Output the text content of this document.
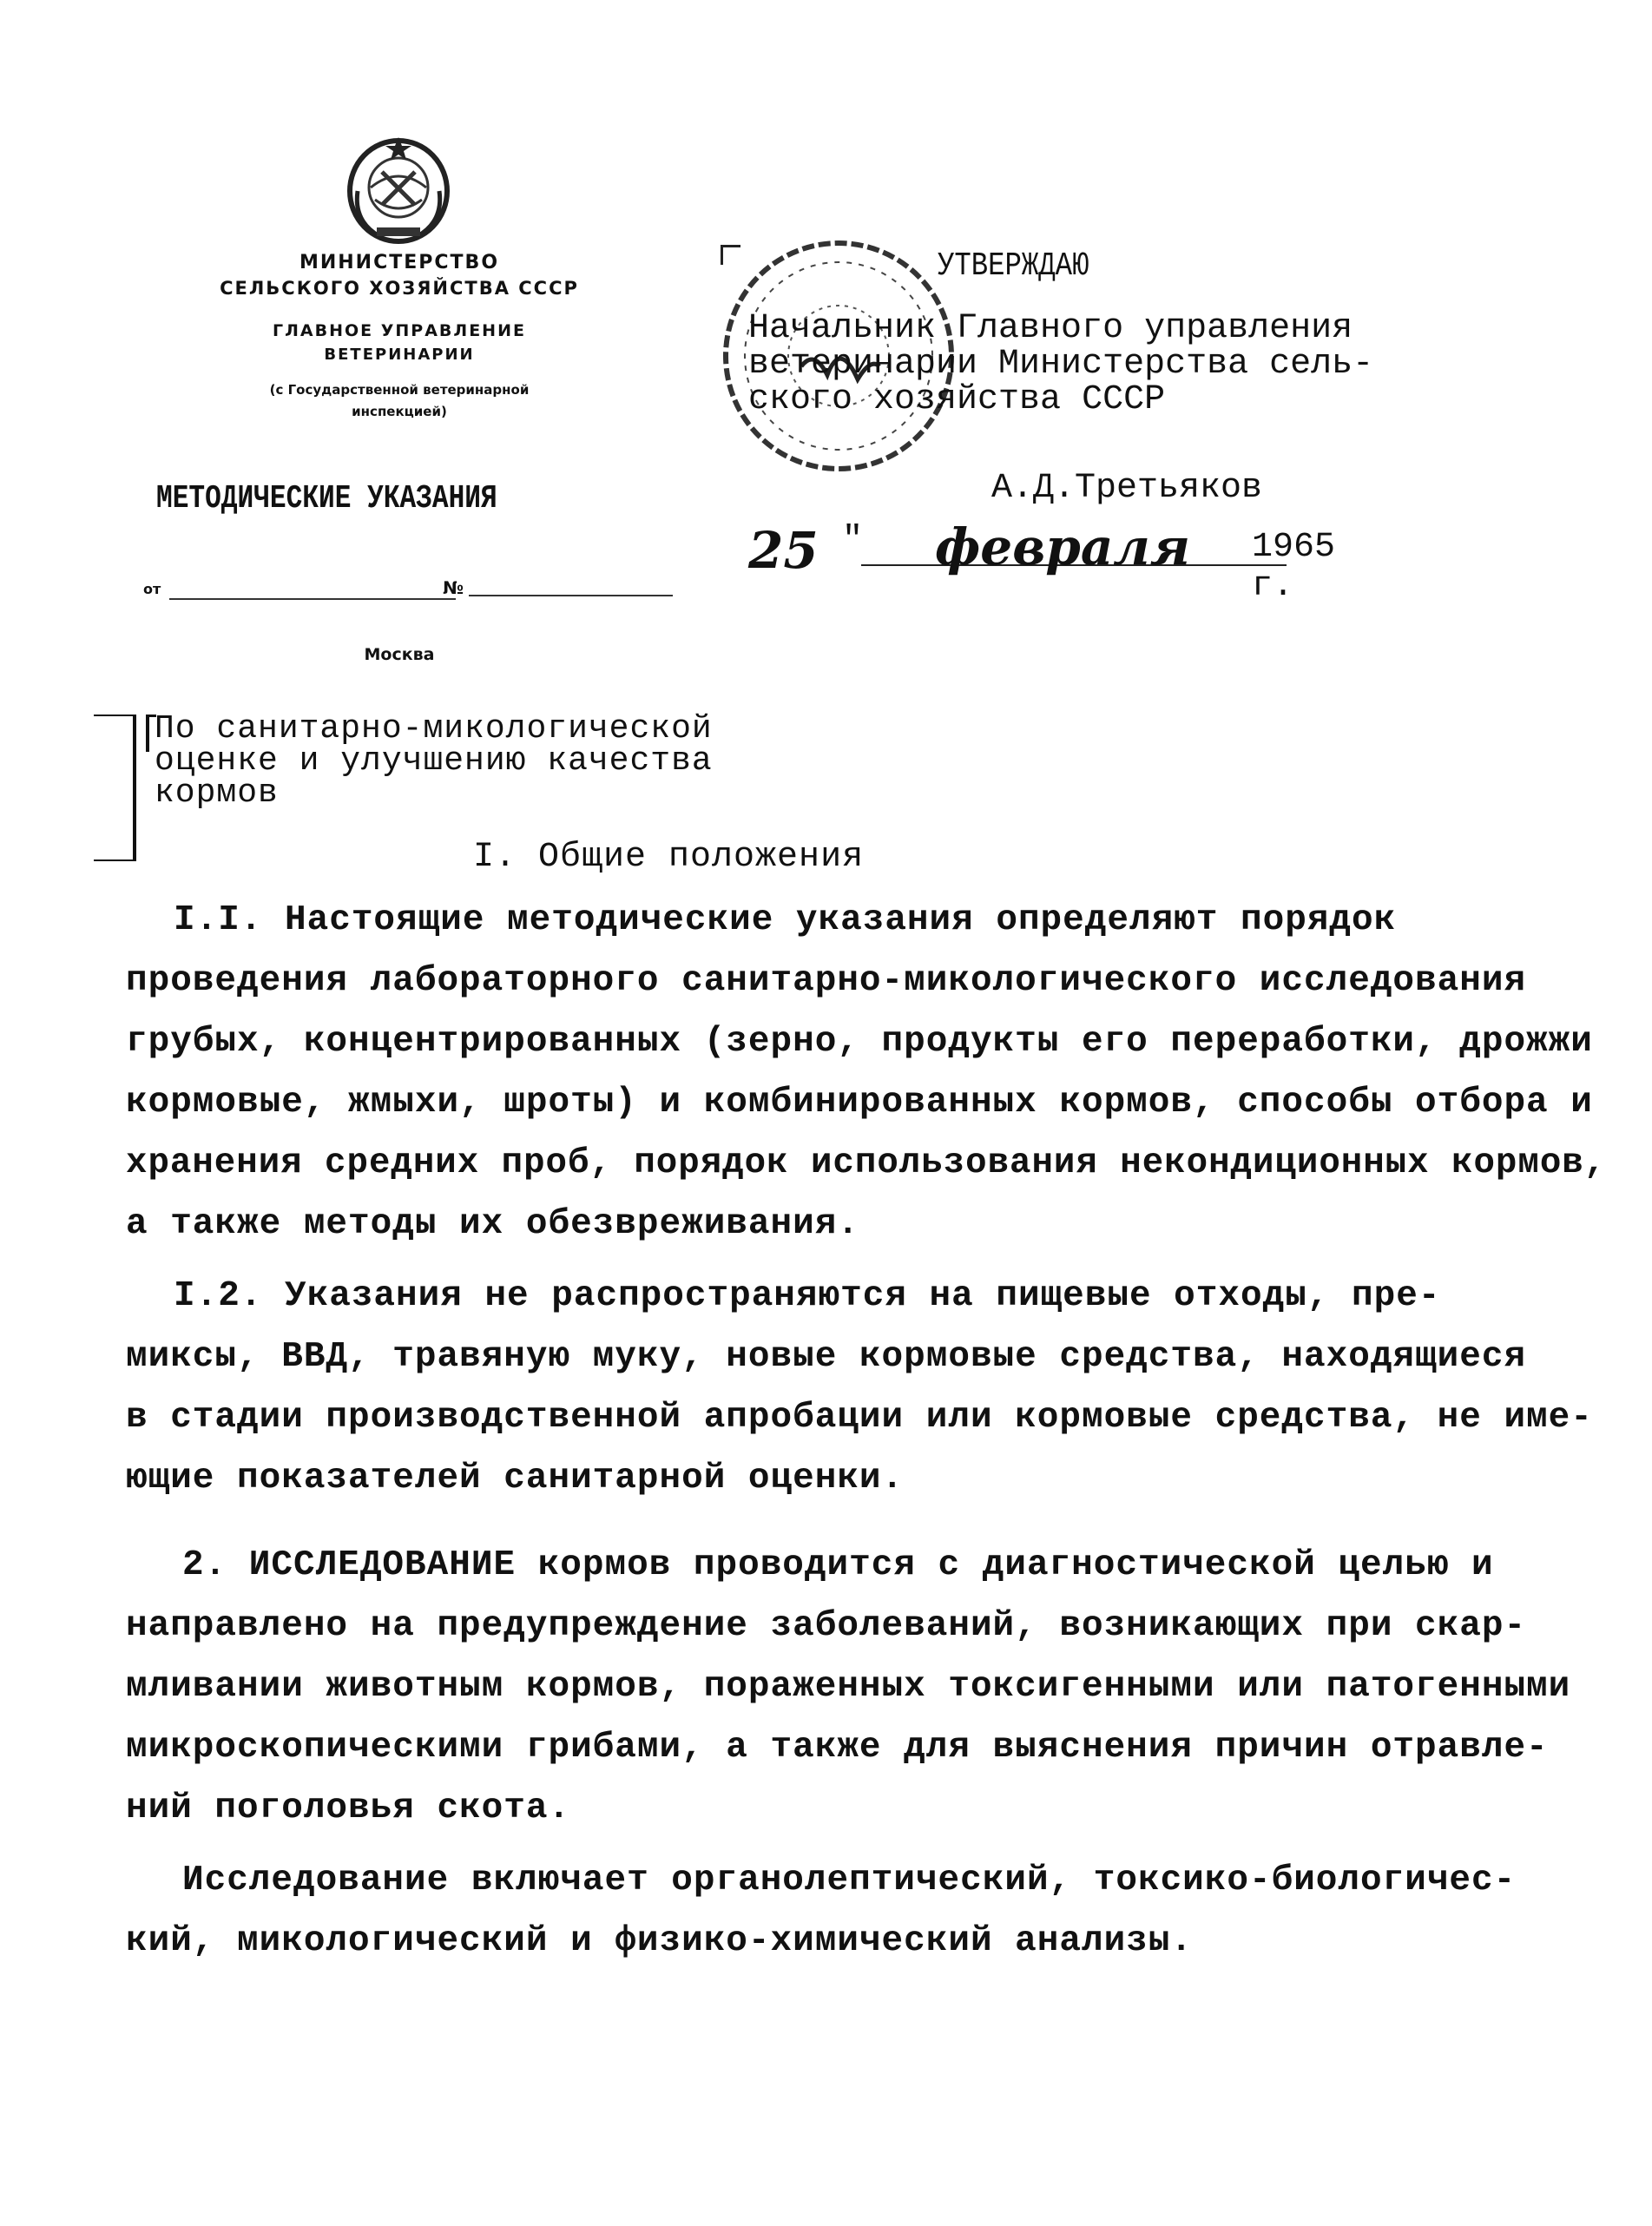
МИНИСТЕРСТВО
СЕЛЬСКОГО ХОЗЯЙСТВА СССР
ГЛАВНОЕ УПРАВЛЕНИЕ
ВЕТЕРИНАРИИ
(с Государственной ветеринарной
инспекцией)
МЕТОДИЧЕСКИЕ УКАЗАНИЯ
от	№
Москва
УТВЕРЖДАЮ
Начальник Главного управления
ветеринарии Министерства сель-
ского хозяйства СССР
А.Д.Третьяков
25 " февраля 1965 г.
По санитарно-микологической
оценке и улучшению качества
кормов
I. Общие положения
I.I. Настоящие методические указания определяют порядок
проведения лабораторного санитарно-микологического исследования
грубых, концентрированных (зерно, продукты его переработки, дрожжи
кормовые, жмыхи, шроты) и комбинированных кормов, способы отбора и
хранения средних проб, порядок использования некондиционных кормов,
а также методы их обезвреживания.
I.2. Указания не распространяются на пищевые отходы, пре-
миксы, ВВД, травяную муку, новые кормовые средства, находящиеся
в стадии производственной апробации или кормовые средства, не име-
ющие показателей санитарной оценки.
2. ИССЛЕДОВАНИЕ кормов проводится с диагностической целью и
направлено на предупреждение заболеваний, возникающих при скар-
мливании животным кормов, пораженных токсигенными или патогенными
микроскопическими грибами, а также для выяснения причин отравле-
ний поголовья скота.
Исследование включает органолептический, токсико-биологичес-
кий, микологический и физико-химический анализы.
